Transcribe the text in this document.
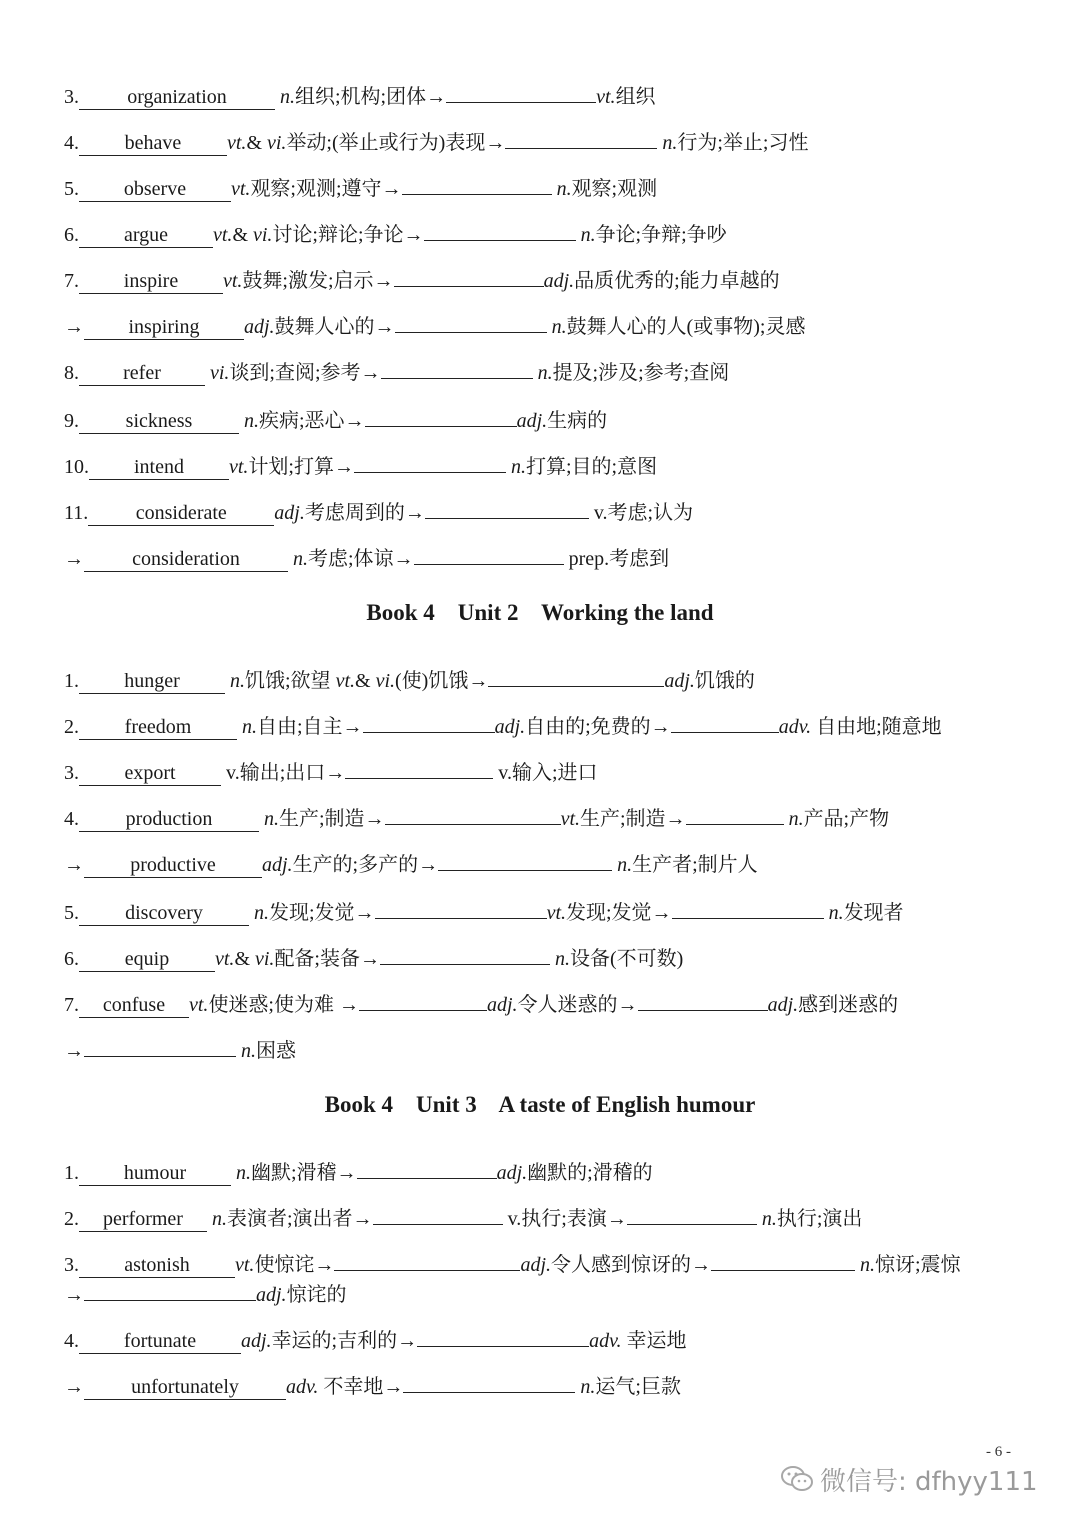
3. organization	n.组织;机构;团体→	vt.组织
4. behave vt.& vi.举动;(举止或行为)表现→	n.行为;举止;习性
5. observe vt.观察;观测;遵守→	n.观察;观测
6. argue vt.& vi.讨论;辩论;争论→	n.争论;争辩;争吵
7. inspire vt.鼓舞;激发;启示→	adj.品质优秀的;能力卓越的
→ inspiring adj.鼓舞人心的→	n.鼓舞人心的人(或事物);灵感
8. refer vi.谈到;查阅;参考→	n.提及;涉及;参考;查阅
9. sickness	n.疾病;恶心→	adj.生病的
10. intend vt.计划;打算→	n.打算;目的;意图
11. considerate adj.考虑周到的→	v.考虑;认为
→ consideration	n.考虑;体谅→	prep.考虑到
Book 4    Unit 2    Working the land
1. hunger	n.饥饿;欲望 vt.& vi.(使)饥饿→	adj.饥饿的
2. freedom	n.自由;自主→	adj.自由的;免费的→	adv. 自由地;随意地
3. export v.输出;出口→	v.输入;进口
4. production	n.生产;制造→	vt.生产;制造→	n.产品;产物
→ productive adj.生产的;多产的→	n.生产者;制片人
5. discovery	n.发现;发觉→	vt.发现;发觉→	n.发现者
6. equip vt.& vi.配备;装备→	n.设备(不可数)
7. confuse vt.使迷惑;使为难 →	adj.令人迷惑的→	adj.感到迷惑的
→	n.困惑
Book 4    Unit 3    A taste of English humour
1. humour n.幽默;滑稽→	adj.幽默的;滑稽的
2. performer n.表演者;演出者→	v.执行;表演→	n.执行;演出
3. astonish vt.使惊诧→	adj.令人感到惊讶的→	n.惊讶;震惊
→	adj.惊诧的
4. fortunate adj.幸运的;吉利的→	adv. 幸运地
→ unfortunately adv. 不幸地→	n.运气;巨款
- 6 -
微信号: dfhyy111
